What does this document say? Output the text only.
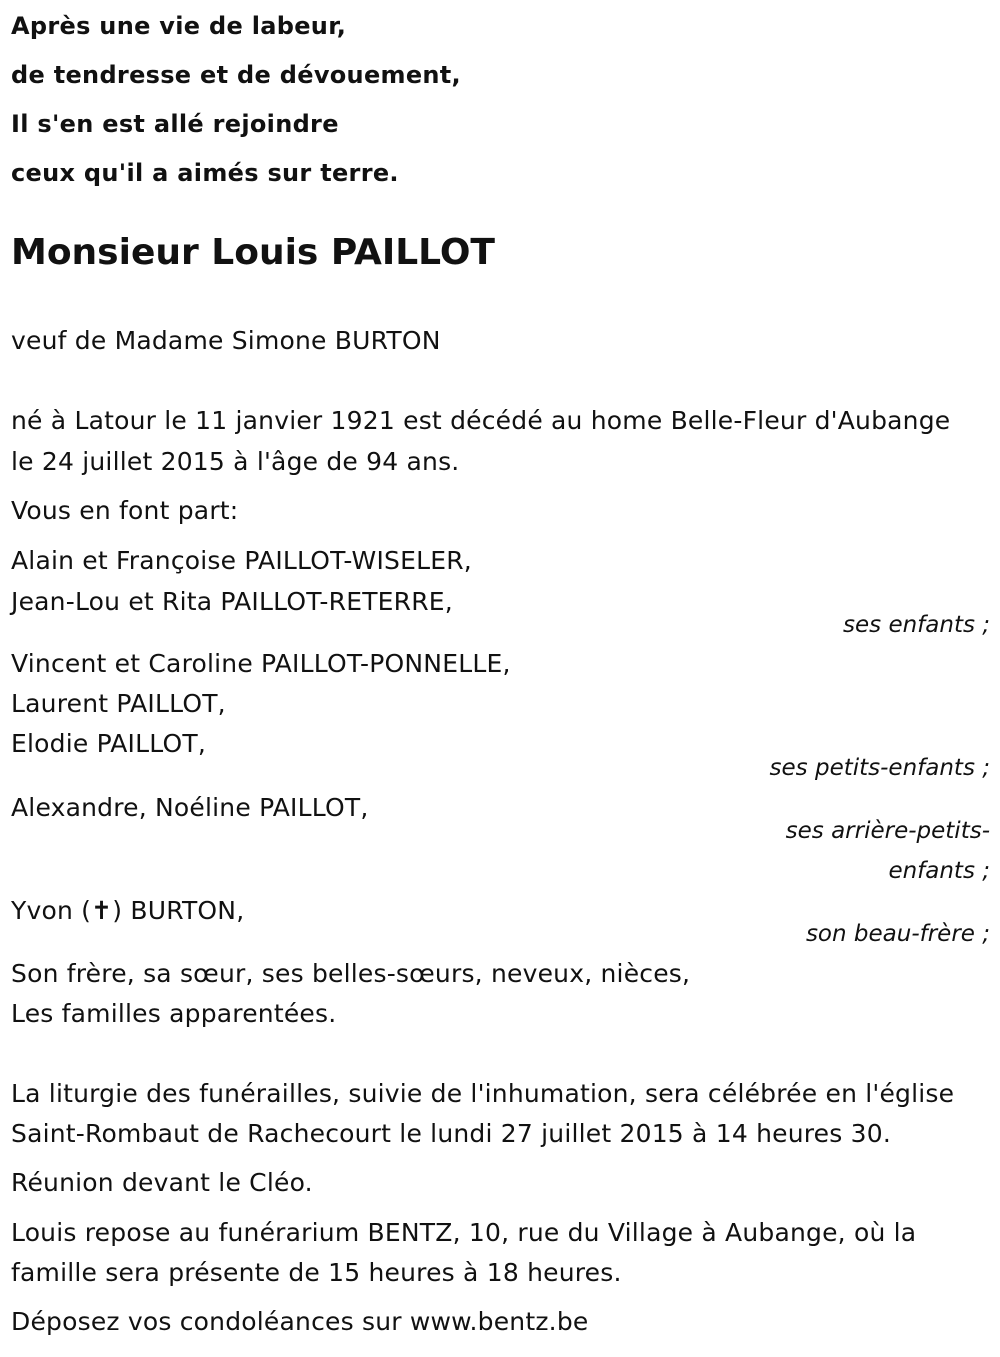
Après une vie de labeur,

de tendresse et de dévouement,

Il s'en est allé rejoindre

ceux qu'il a aimés sur terre.

Monsieur Louis PAILLOT

veuf de Madame Simone BURTON

né à Latour le 11 janvier 1921 est décédé au home Belle-Fleur d'Aubange

le 24 juillet 2015 à l'âge de 94 ans.

Vous en font part:

Alain et Françoise PAILLOT-WISELER,

Jean-Lou et Rita PAILLOT-RETERRE,

ses enfants ;

Vincent et Caroline PAILLOT-PONNELLE,

Laurent PAILLOT,

Elodie PAILLOT,

ses petits-enfants ;

Alexandre, Noéline PAILLOT,

ses arrière-petits-

enfants ;

Yvon (✝) BURTON,

son beau-frère ;

Son frère, sa sœur, ses belles-sœurs, neveux, nièces,

Les familles apparentées.

La liturgie des funérailles, suivie de l'inhumation, sera célébrée en l'église

Saint-Rombaut de Rachecourt le lundi 27 juillet 2015 à 14 heures 30.

Réunion devant le Cléo.

Louis repose au funérarium BENTZ, 10, rue du Village à Aubange, où la

famille sera présente de 15 heures à 18 heures.

Déposez vos condoléances sur www.bentz.be
